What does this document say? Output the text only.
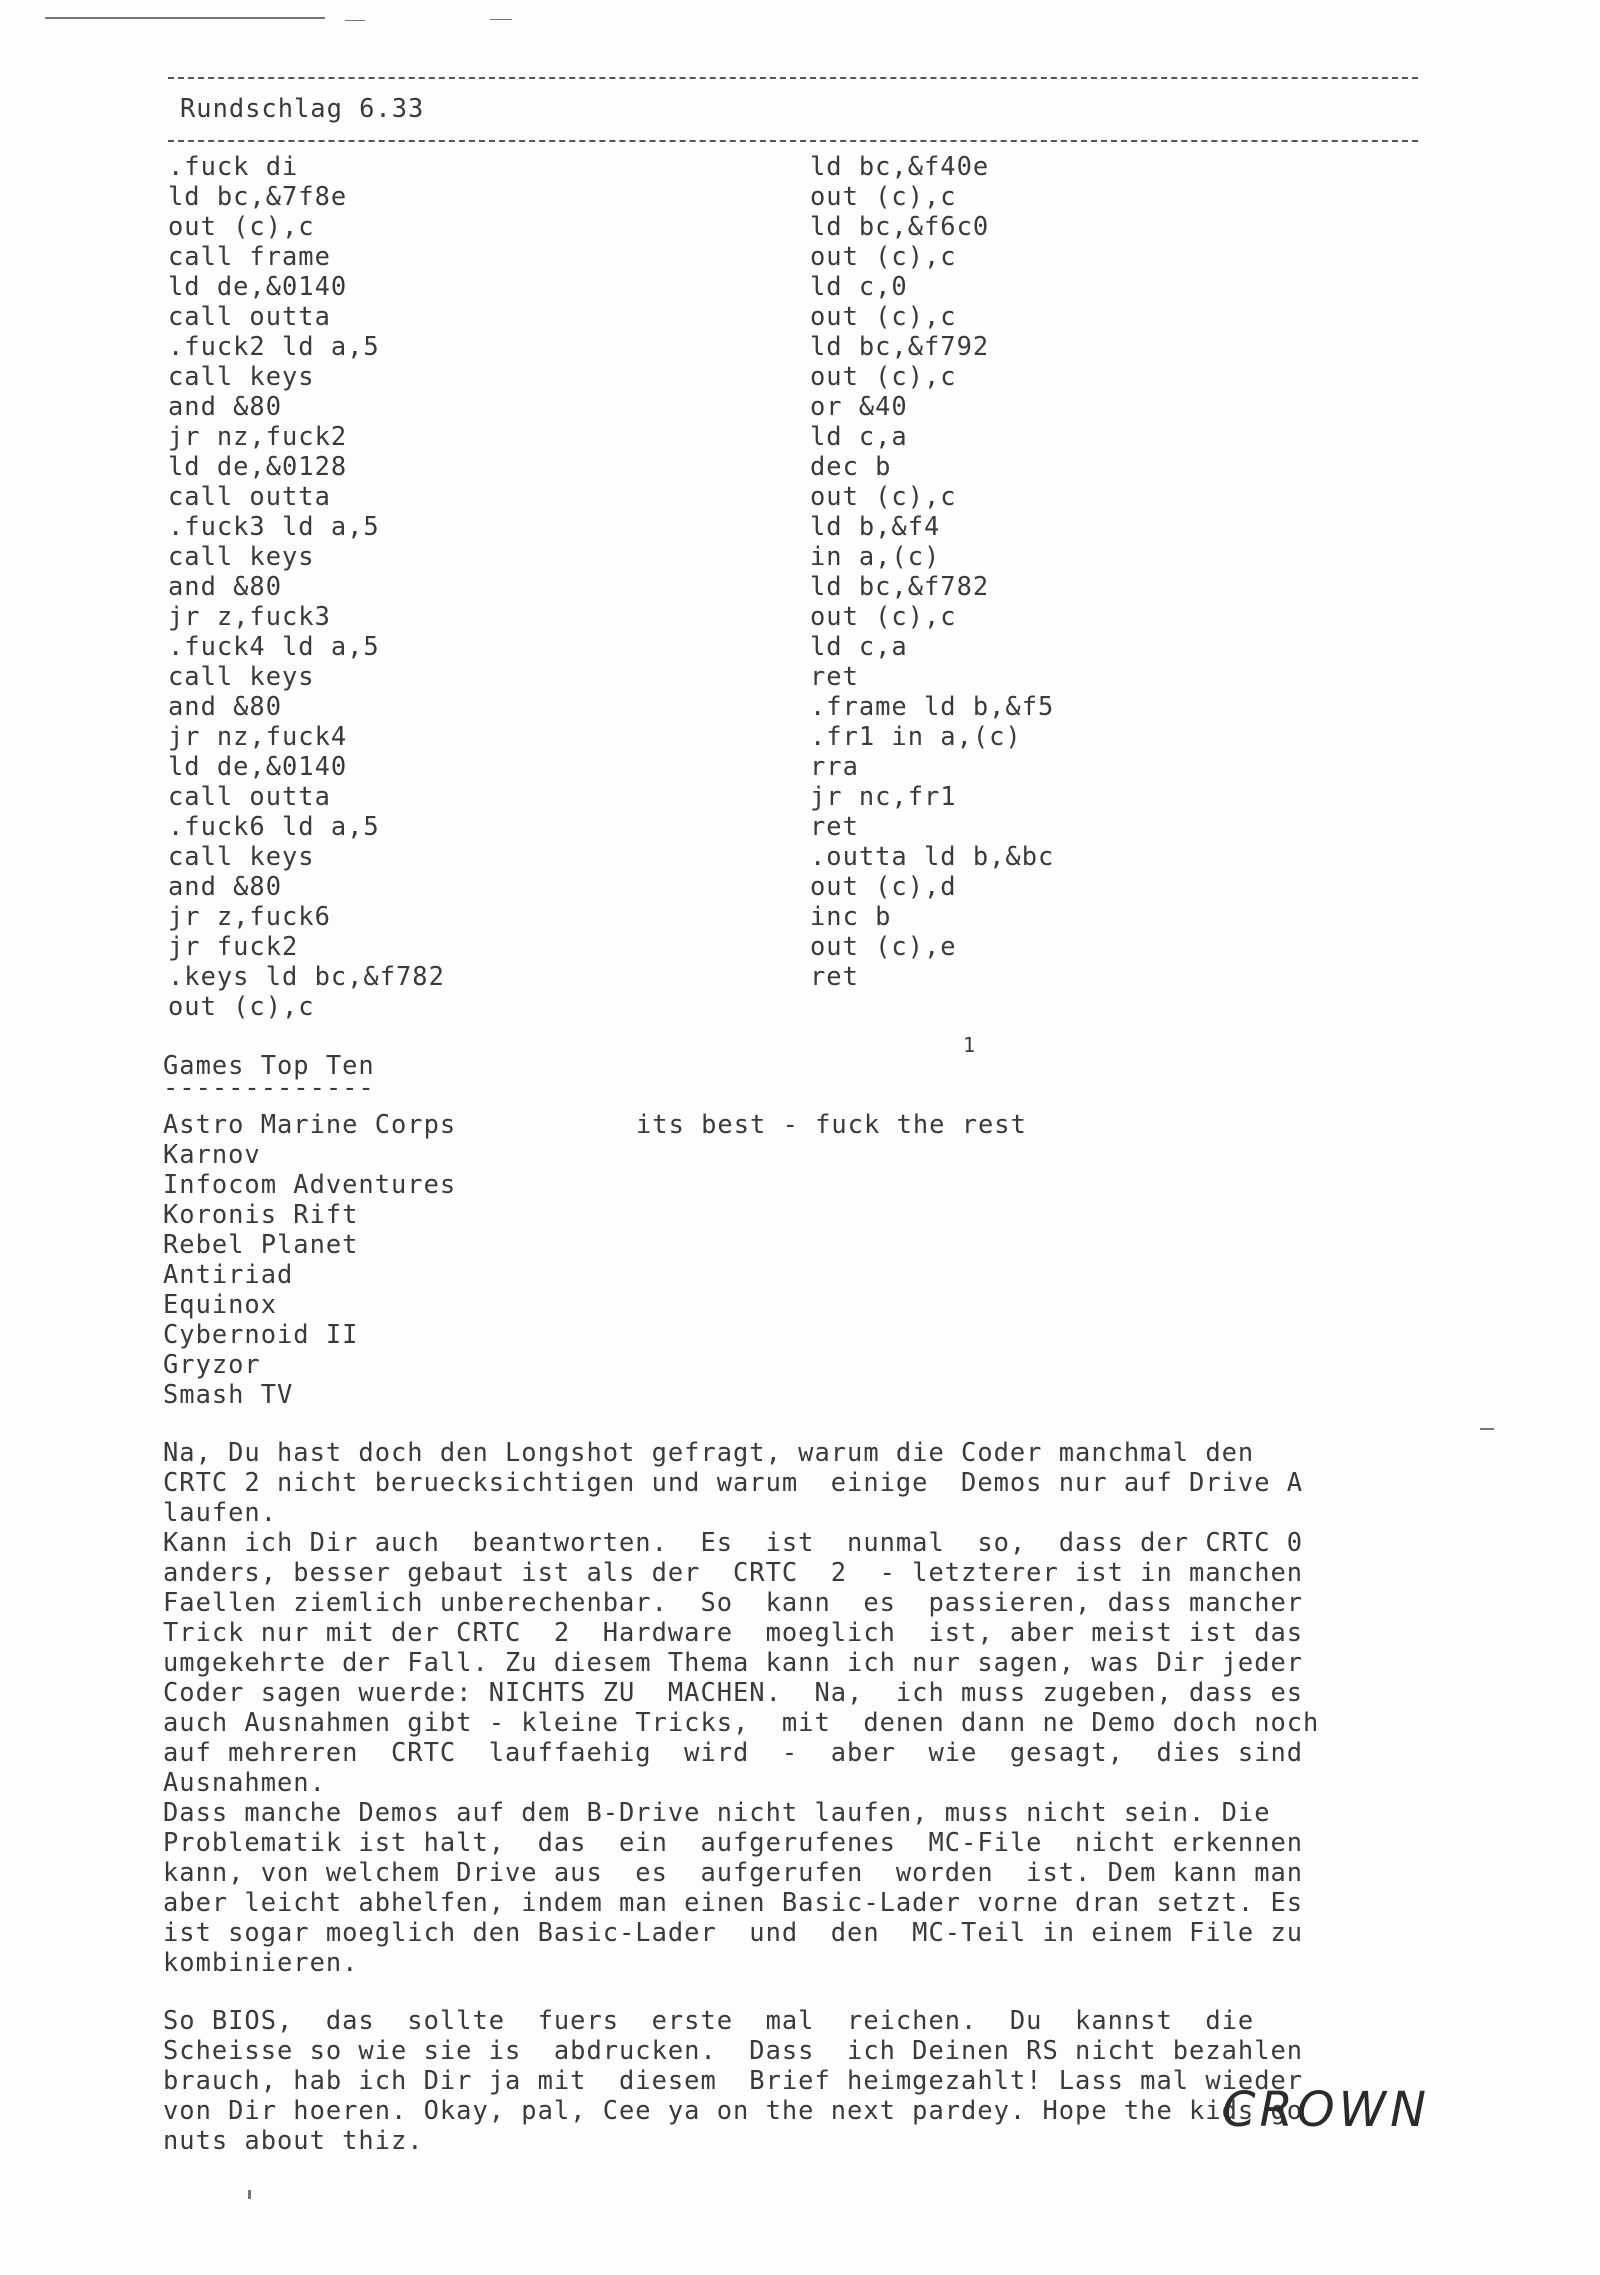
Rundschlag 6.33
.fuck di
ld bc,&7f8e
out (c),c
call frame
ld de,&0140
call outta
.fuck2 ld a,5
call keys
and &80
jr nz,fuck2
ld de,&0128
call outta
.fuck3 ld a,5
call keys
and &80
jr z,fuck3
.fuck4 ld a,5
call keys
and &80
jr nz,fuck4
ld de,&0140
call outta
.fuck6 ld a,5
call keys
and &80
jr z,fuck6
jr fuck2
.keys ld bc,&f782
out (c),c
ld bc,&f40e
out (c),c
ld bc,&f6c0
out (c),c
ld c,0
out (c),c
ld bc,&f792
out (c),c
or &40
ld c,a
dec b
out (c),c
ld b,&f4
in a,(c)
ld bc,&f782
out (c),c
ld c,a
ret
.frame ld b,&f5
.fr1 in a,(c)
rra
jr nc,fr1
ret
.outta ld b,&bc
out (c),d
inc b
out (c),e
ret
1
Games Top Ten
-------------
Astro Marine Corps
Karnov
Infocom Adventures
Koronis Rift
Rebel Planet
Antiriad
Equinox
Cybernoid II
Gryzor
Smash TV
its best - fuck the rest
Na, Du hast doch den Longshot gefragt, warum die Coder manchmal den
CRTC 2 nicht beruecksichtigen und warum  einige  Demos nur auf Drive A
laufen.
Kann ich Dir auch  beantworten.  Es  ist  nunmal  so,  dass der CRTC 0
anders, besser gebaut ist als der  CRTC  2  - letzterer ist in manchen
Faellen ziemlich unberechenbar.  So  kann  es  passieren, dass mancher
Trick nur mit der CRTC  2  Hardware  moeglich  ist, aber meist ist das
umgekehrte der Fall. Zu diesem Thema kann ich nur sagen, was Dir jeder
Coder sagen wuerde: NICHTS ZU  MACHEN.  Na,  ich muss zugeben, dass es
auch Ausnahmen gibt - kleine Tricks,  mit  denen dann ne Demo doch noch
auf mehreren  CRTC  lauffaehig  wird  -  aber  wie  gesagt,  dies sind
Ausnahmen.
Dass manche Demos auf dem B-Drive nicht laufen, muss nicht sein. Die
Problematik ist halt,  das  ein  aufgerufenes  MC-File  nicht erkennen
kann, von welchem Drive aus  es  aufgerufen  worden  ist. Dem kann man
aber leicht abhelfen, indem man einen Basic-Lader vorne dran setzt. Es
ist sogar moeglich den Basic-Lader  und  den  MC-Teil in einem File zu
kombinieren.
So BIOS,  das  sollte  fuers  erste  mal  reichen.  Du  kannst  die
Scheisse so wie sie is  abdrucken.  Dass  ich Deinen RS nicht bezahlen
brauch, hab ich Dir ja mit  diesem  Brief heimgezahlt! Lass mal wieder
von Dir hoeren. Okay, pal, Cee ya on the next pardey. Hope the kids go
nuts about thiz.
CROWN
